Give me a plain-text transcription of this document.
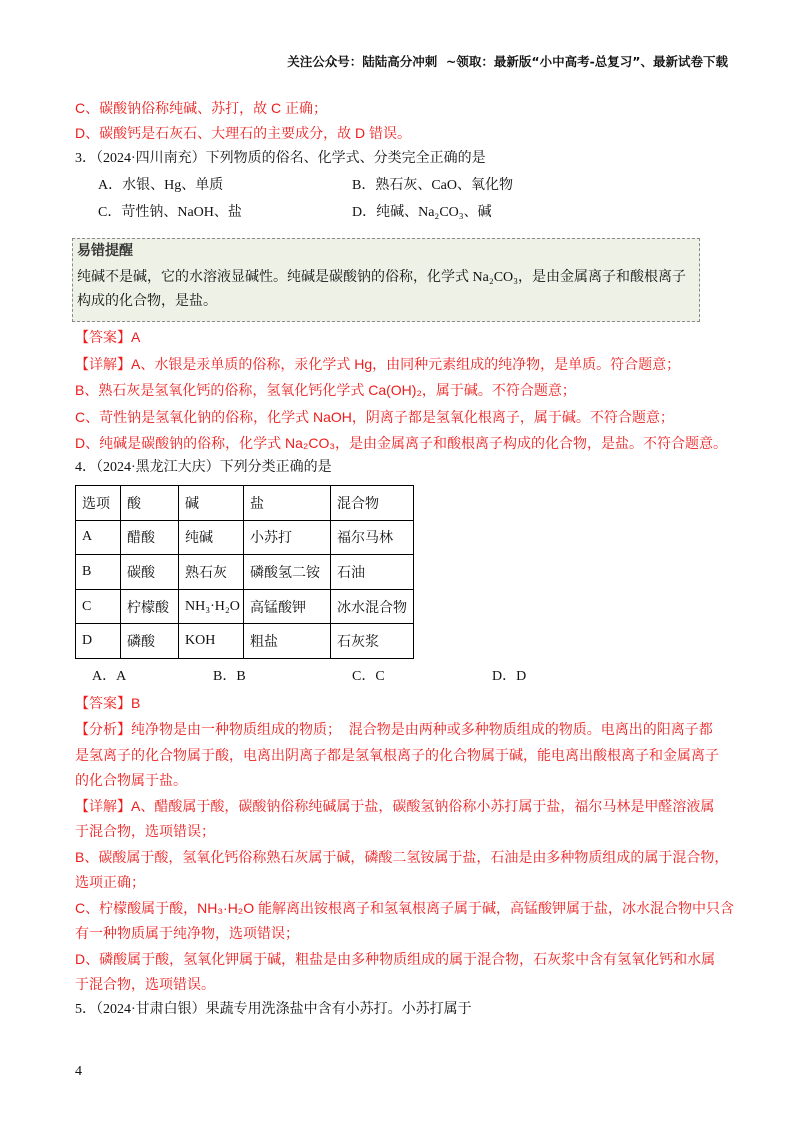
关注公众号：陆陆高分冲刺  ~领取：最新版“小中高考-总复习”、最新试卷下载
C、碳酸钠俗称纯碱、苏打，故 C 正确；
D、碳酸钙是石灰石、大理石的主要成分，故 D 错误。
3．（2024·四川南充）下列物质的俗名、化学式、分类完全正确的是
A．水银、Hg、单质	B．熟石灰、CaO、氧化物
C．苛性钠、NaOH、盐	D．纯碱、Na₂CO₃、碱
易错提醒
纯碱不是碱，它的水溶液显碱性。纯碱是碳酸钠的俗称，化学式 Na₂CO₃，是由金属离子和酸根离子
构成的化合物，是盐。
【答案】A
【详解】A、水银是汞单质的俗称，汞化学式 Hg，由同种元素组成的纯净物，是单质。符合题意；
B、熟石灰是氢氧化钙的俗称，氢氧化钙化学式 Ca(OH)₂，属于碱。不符合题意；
C、苛性钠是氢氧化钠的俗称，化学式 NaOH，阴离子都是氢氧化根离子，属于碱。不符合题意；
D、纯碱是碳酸钠的俗称，化学式 Na₂CO₃，是由金属离子和酸根离子构成的化合物，是盐。不符合题意。
4．（2024·黑龙江大庆）下列分类正确的是
选项	酸	碱	盐	混合物
A	醋酸	纯碱	小苏打	福尔马林
B	碳酸	熟石灰	磷酸氢二铵	石油
C	柠檬酸	NH₃·H₂O	高锰酸钾	冰水混合物
D	磷酸	KOH	粗盐	石灰浆
A．A	B．B	C．C	D．D
【答案】B
【分析】纯净物是由一种物质组成的物质；  混合物是由两种或多种物质组成的物质。电离出的阳离子都
是氢离子的化合物属于酸，电离出阴离子都是氢氧根离子的化合物属于碱，能电离出酸根离子和金属离子
的化合物属于盐。
【详解】A、醋酸属于酸，碳酸钠俗称纯碱属于盐，碳酸氢钠俗称小苏打属于盐，福尔马林是甲醛溶液属
于混合物，选项错误；
B、碳酸属于酸，氢氧化钙俗称熟石灰属于碱，磷酸二氢铵属于盐，石油是由多种物质组成的属于混合物，
选项正确；
C、柠檬酸属于酸，NH₃·H₂O 能解离出铵根离子和氢氧根离子属于碱，高锰酸钾属于盐，冰水混合物中只含
有一种物质属于纯净物，选项错误；
D、磷酸属于酸，氢氧化钾属于碱，粗盐是由多种物质组成的属于混合物，石灰浆中含有氢氧化钙和水属
于混合物，选项错误。
5．（2024·甘肃白银）果蔬专用洗涤盐中含有小苏打。小苏打属于
4
